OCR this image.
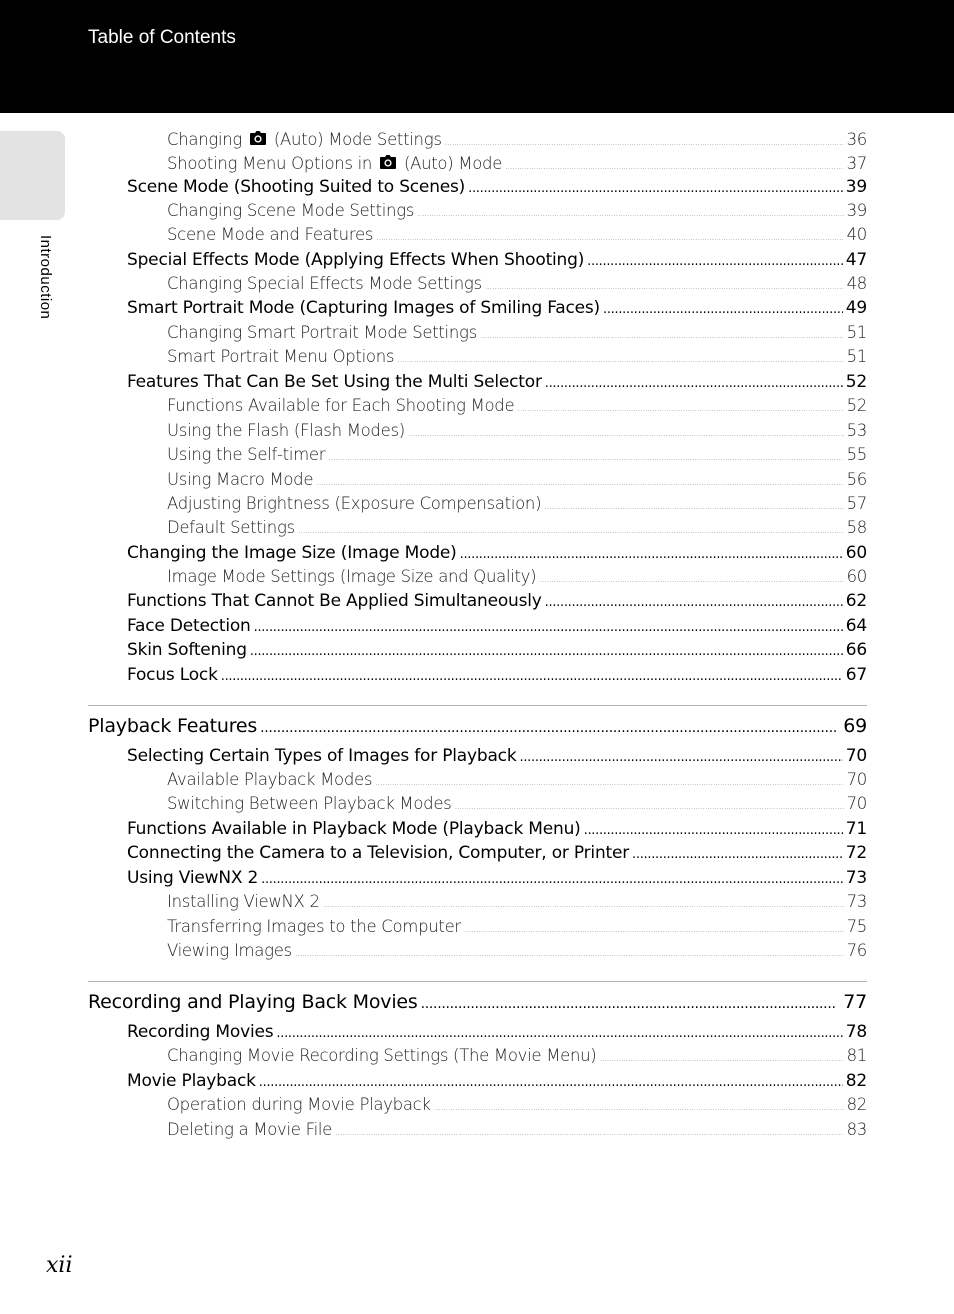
Table of Contents
Introduction
Changing  (Auto) Mode Settings .....	36
Shooting Menu Options in  (Auto) Mode .....	37
Scene Mode (Shooting Suited to Scenes) .....	39
Changing Scene Mode Settings .....	39
Scene Mode and Features .....	40
Special Effects Mode (Applying Effects When Shooting) .....	47
Changing Special Effects Mode Settings .....	48
Smart Portrait Mode (Capturing Images of Smiling Faces) .....	49
Changing Smart Portrait Mode Settings .....	51
Smart Portrait Menu Options .....	51
Features That Can Be Set Using the Multi Selector .....	52
Functions Available for Each Shooting Mode .....	52
Using the Flash (Flash Modes) .....	53
Using the Self-timer .....	55
Using Macro Mode .....	56
Adjusting Brightness (Exposure Compensation) .....	57
Default Settings .....	58
Changing the Image Size (Image Mode) .....	60
Image Mode Settings (Image Size and Quality) .....	60
Functions That Cannot Be Applied Simultaneously .....	62
Face Detection .....	64
Skin Softening .....	66
Focus Lock .....	67
Playback Features .....	69
Selecting Certain Types of Images for Playback .....	70
Available Playback Modes .....	70
Switching Between Playback Modes .....	70
Functions Available in Playback Mode (Playback Menu) .....	71
Connecting the Camera to a Television, Computer, or Printer .....	72
Using ViewNX 2 .....	73
Installing ViewNX 2 .....	73
Transferring Images to the Computer .....	75
Viewing Images .....	76
Recording and Playing Back Movies .....	77
Recording Movies .....	78
Changing Movie Recording Settings (The Movie Menu) .....	81
Movie Playback .....	82
Operation during Movie Playback .....	82
Deleting a Movie File .....	83
xii
